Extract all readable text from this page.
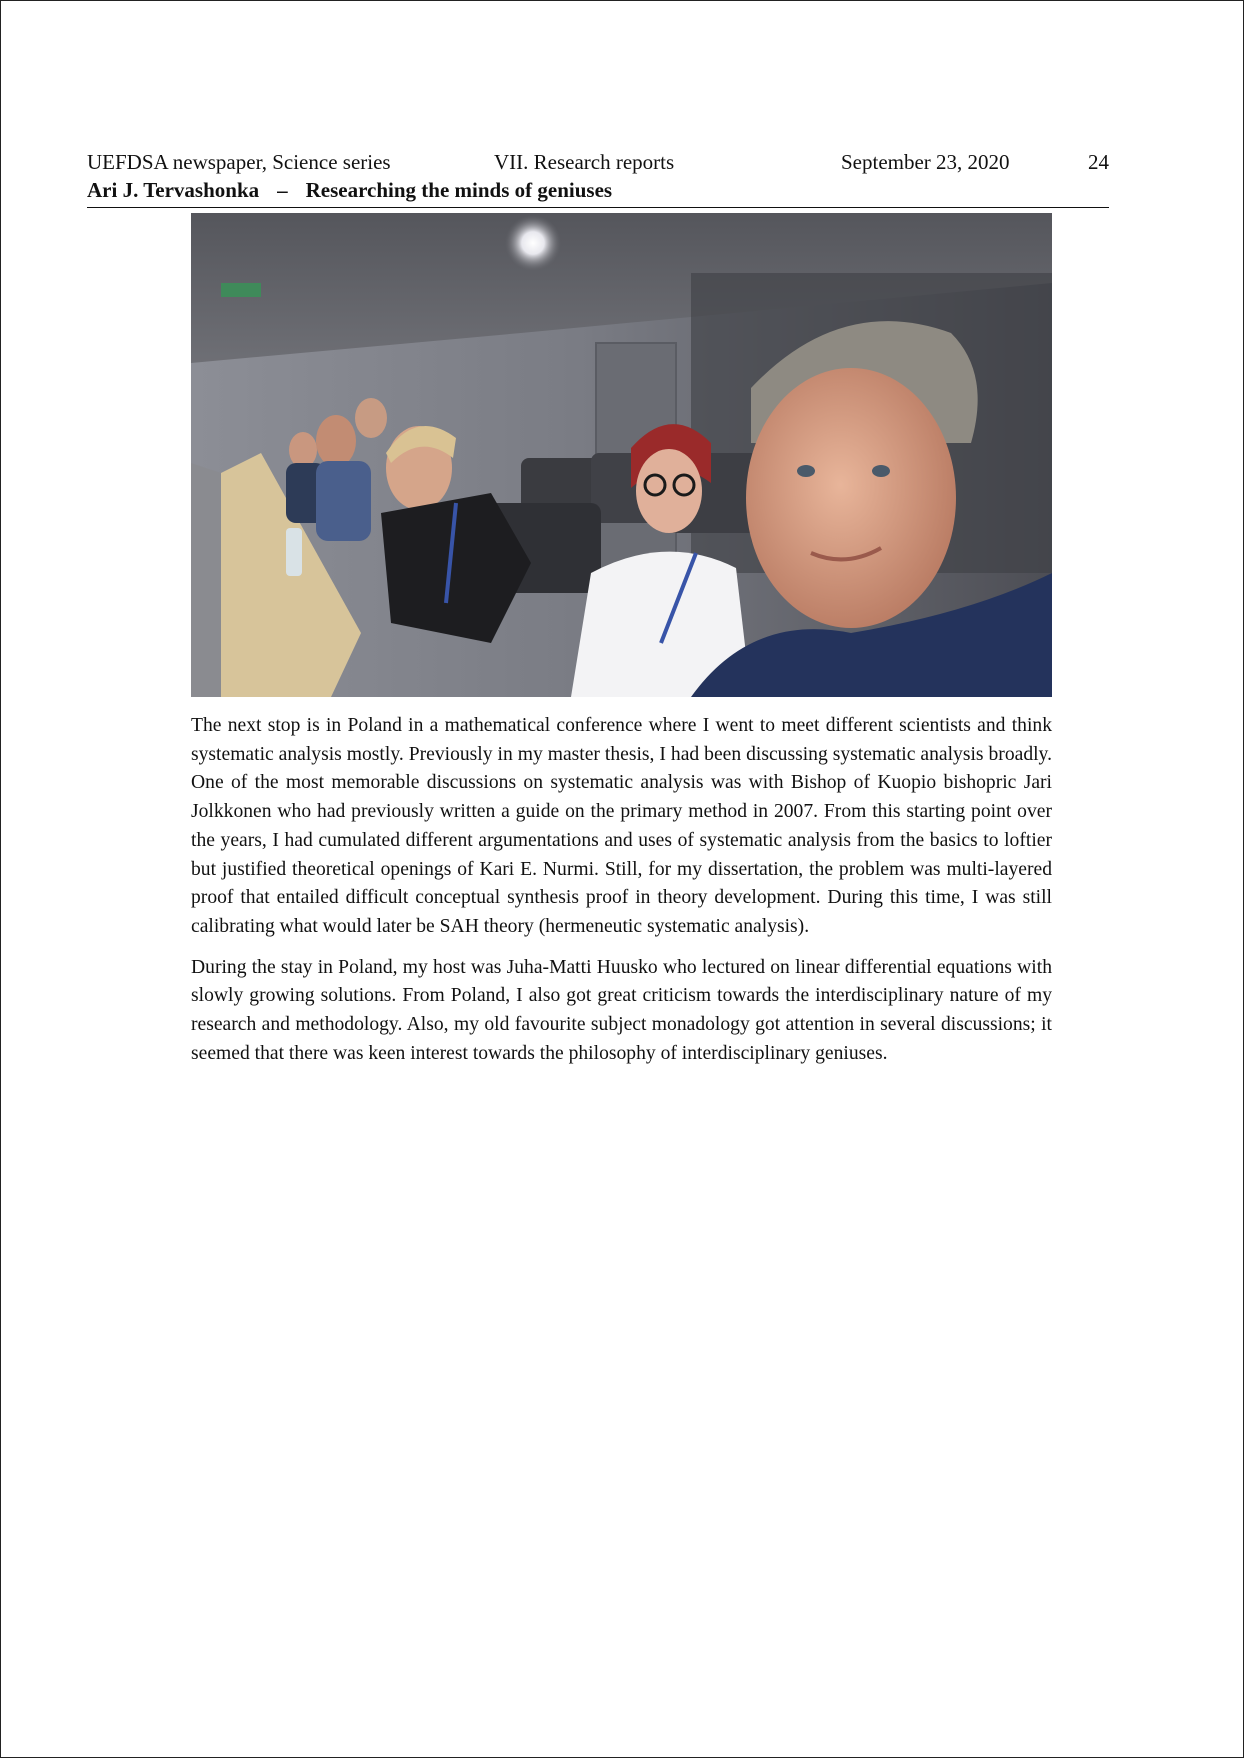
UEFDSA newspaper, Science series	VII. Research reports	September 23, 2020	24
Ari J. Tervashonka – Researching the minds of geniuses

The next stop is in Poland in a mathematical conference where I went to meet different scientists and think systematic analysis mostly. Previously in my master thesis, I had been discussing systematic analysis broadly. One of the most memorable discussions on systematic analysis was with Bishop of Kuopio bishopric Jari Jolkkonen who had previously written a guide on the primary method in 2007. From this starting point over the years, I had cumulated different argumentations and uses of systematic analysis from the basics to loftier but justified theoretical openings of Kari E. Nurmi. Still, for my dissertation, the problem was multi-layered proof that entailed difficult conceptual synthesis proof in theory development. During this time, I was still calibrating what would later be SAH theory (hermeneutic systematic analysis).

During the stay in Poland, my host was Juha-Matti Huusko who lectured on linear differential equations with slowly growing solutions. From Poland, I also got great criticism towards the interdisciplinary nature of my research and methodology. Also, my old favourite subject monadology got attention in several discussions; it seemed that there was keen interest towards the philosophy of interdisciplinary geniuses.
